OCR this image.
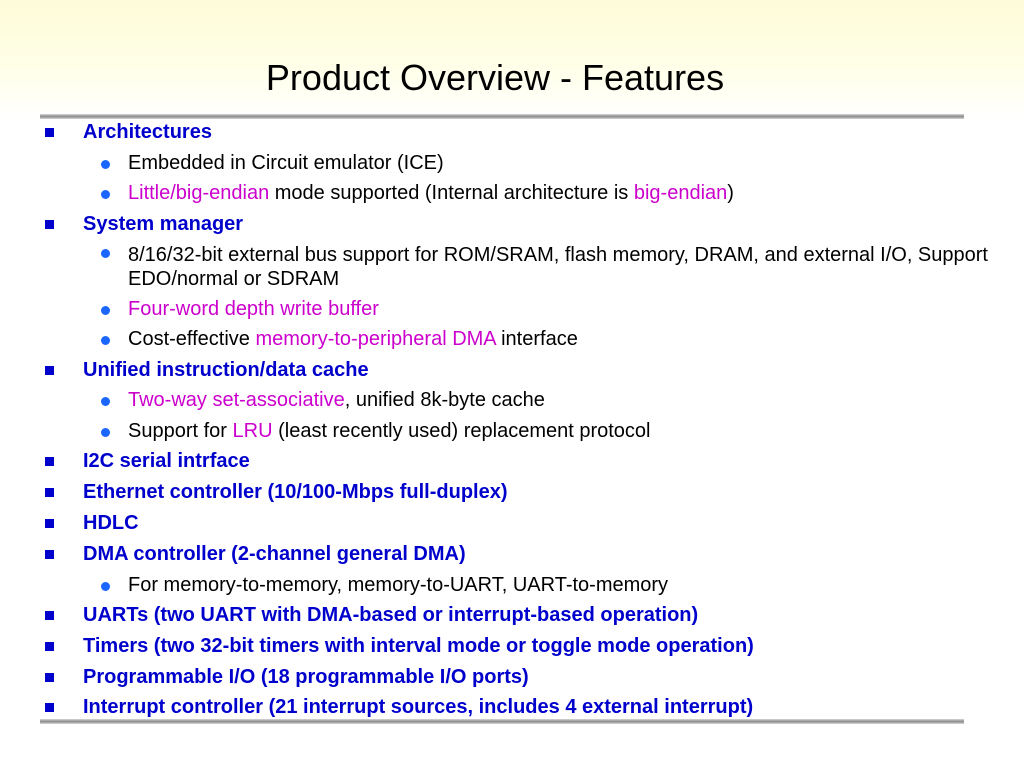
Product Overview - Features
Architectures
Embedded in Circuit emulator (ICE)
Little/big-endian mode supported (Internal architecture is big-endian)
System manager
8/16/32-bit external bus support for ROM/SRAM, flash memory, DRAM, and external I/O, Support EDO/normal or SDRAM
Four-word depth write buffer
Cost-effective memory-to-peripheral DMA interface
Unified instruction/data cache
Two-way set-associative, unified 8k-byte cache
Support for LRU (least recently used) replacement protocol
I2C serial intrface
Ethernet controller (10/100-Mbps full-duplex)
HDLC
DMA controller (2-channel general DMA)
For memory-to-memory, memory-to-UART, UART-to-memory
UARTs (two UART with DMA-based or interrupt-based operation)
Timers (two 32-bit timers with interval mode or toggle mode operation)
Programmable I/O (18 programmable I/O ports)
Interrupt controller (21 interrupt sources, includes 4 external interrupt)
